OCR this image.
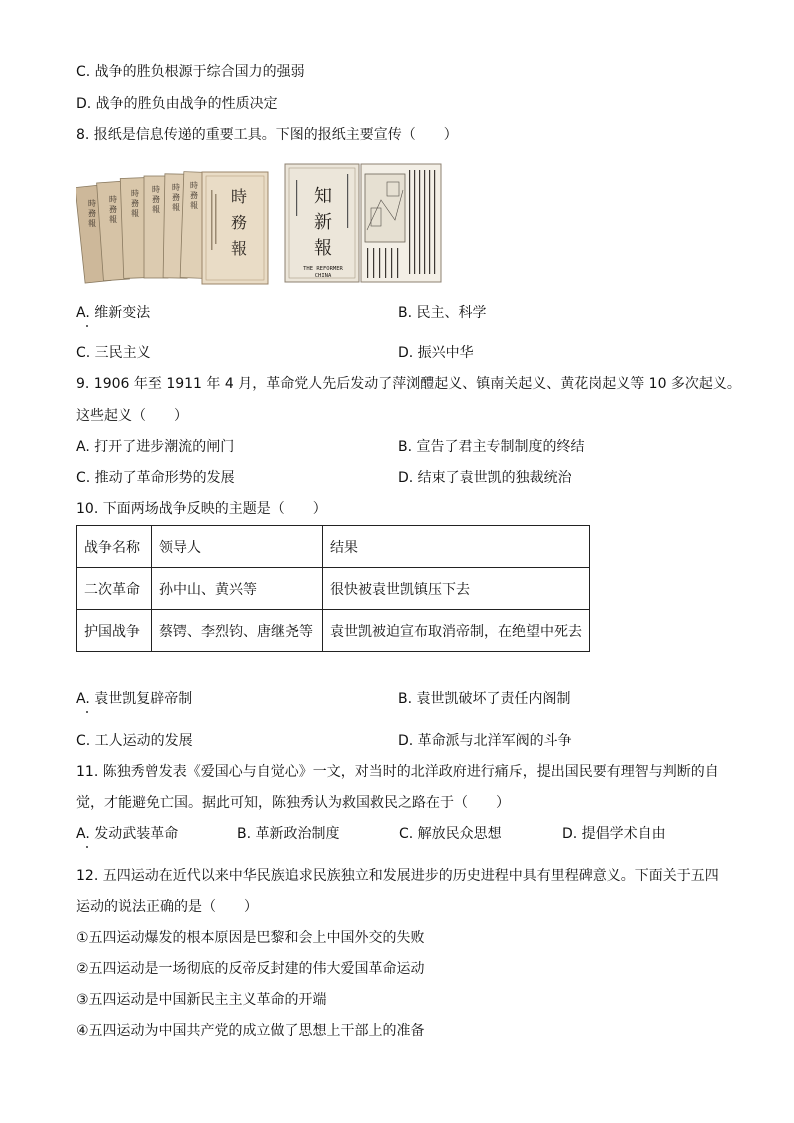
C. 战争的胜负根源于综合国力的强弱
D. 战争的胜负由战争的性质决定
8. 报纸是信息传递的重要工具。下图的报纸主要宣传（　　）
時
務
報
時
務
報
時
務
報
時
務
報
時
務
報
時
務
報
時
務
報	知
新
報
THE REFORMER
CHINA
A. 维新变法	B. 民主、科学
C. 三民主义	D. 振兴中华
9. 1906 年至 1911 年 4 月，革命党人先后发动了萍浏醴起义、镇南关起义、黄花岗起义等 10 多次起义。
这些起义（　　）
A. 打开了进步潮流的闸门	B. 宣告了君主专制制度的终结
C. 推动了革命形势的发展	D. 结束了袁世凯的独裁统治
10. 下面两场战争反映的主题是（　　）
战争名称	领导人	结果
二次革命	孙中山、黄兴等	很快被袁世凯镇压下去
护国战争	蔡锷、李烈钧、唐继尧等	袁世凯被迫宣布取消帝制，在绝望中死去
A. 袁世凯复辟帝制	B. 袁世凯破坏了责任内阁制
C. 工人运动的发展	D. 革命派与北洋军阀的斗争
11. 陈独秀曾发表《爱国心与自觉心》一文，对当时的北洋政府进行痛斥，提出国民要有理智与判断的自
觉，才能避免亡国。据此可知，陈独秀认为救国救民之路在于（　　）
A. 发动武装革命	B. 革新政治制度	C. 解放民众思想	D. 提倡学术自由
12. 五四运动在近代以来中华民族追求民族独立和发展进步的历史进程中具有里程碑意义。下面关于五四
运动的说法正确的是（　　）
①五四运动爆发的根本原因是巴黎和会上中国外交的失败
②五四运动是一场彻底的反帝反封建的伟大爱国革命运动
③五四运动是中国新民主主义革命的开端
④五四运动为中国共产党的成立做了思想上干部上的准备
